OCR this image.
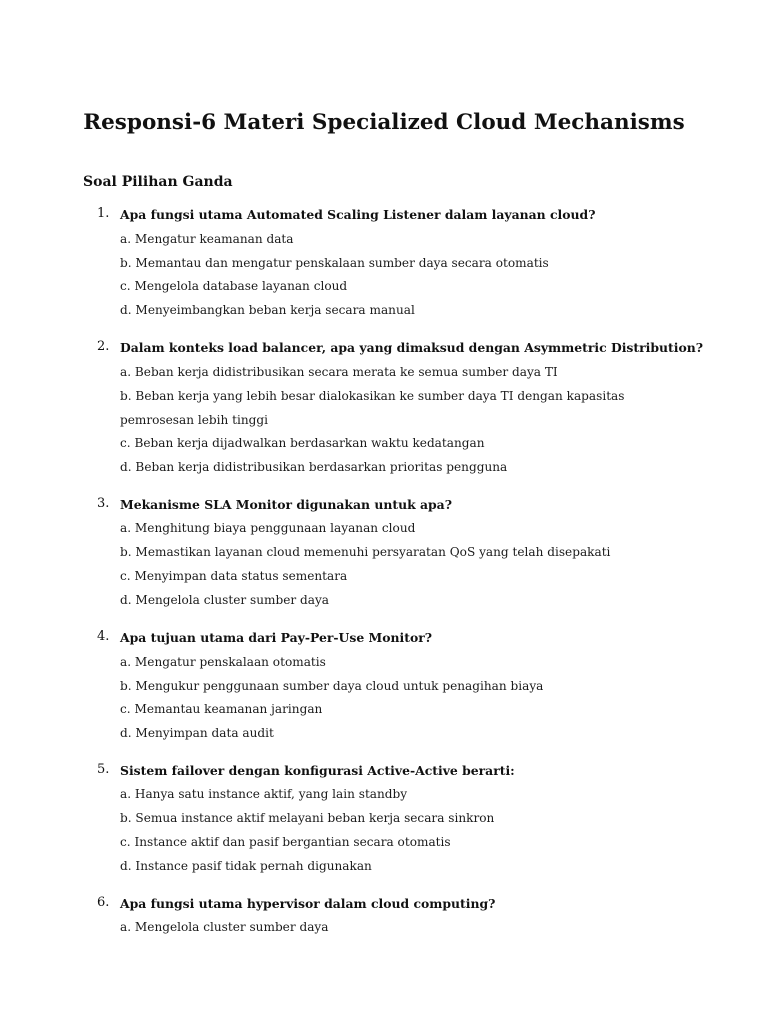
Responsi-6 Materi Specialized Cloud Mechanisms
Soal Pilihan Ganda
1. Apa fungsi utama Automated Scaling Listener dalam layanan cloud?
a. Mengatur keamanan data
b. Memantau dan mengatur penskalaan sumber daya secara otomatis
c. Mengelola database layanan cloud
d. Menyeimbangkan beban kerja secara manual
2. Dalam konteks load balancer, apa yang dimaksud dengan Asymmetric Distribution?
a. Beban kerja didistribusikan secara merata ke semua sumber daya TI
b. Beban kerja yang lebih besar dialokasikan ke sumber daya TI dengan kapasitas pemrosesan lebih tinggi
c. Beban kerja dijadwalkan berdasarkan waktu kedatangan
d. Beban kerja didistribusikan berdasarkan prioritas pengguna
3. Mekanisme SLA Monitor digunakan untuk apa?
a. Menghitung biaya penggunaan layanan cloud
b. Memastikan layanan cloud memenuhi persyaratan QoS yang telah disepakati
c. Menyimpan data status sementara
d. Mengelola cluster sumber daya
4. Apa tujuan utama dari Pay-Per-Use Monitor?
a. Mengatur penskalaan otomatis
b. Mengukur penggunaan sumber daya cloud untuk penagihan biaya
c. Memantau keamanan jaringan
d. Menyimpan data audit
5. Sistem failover dengan konfigurasi Active-Active berarti:
a. Hanya satu instance aktif, yang lain standby
b. Semua instance aktif melayani beban kerja secara sinkron
c. Instance aktif dan pasif bergantian secara otomatis
d. Instance pasif tidak pernah digunakan
6. Apa fungsi utama hypervisor dalam cloud computing?
a. Mengelola cluster sumber daya
